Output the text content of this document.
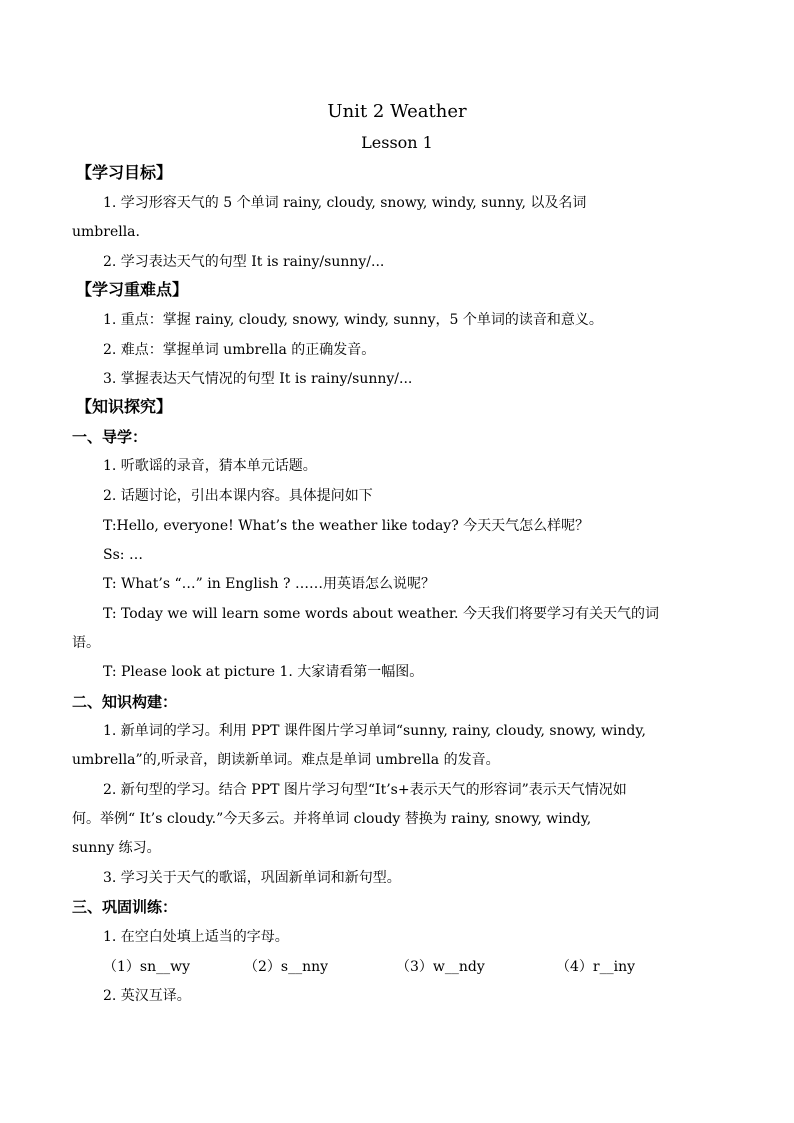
Unit 2 Weather

Lesson 1

【学习目标】

1. 学习形容天气的 5 个单词 rainy, cloudy, snowy, windy, sunny, 以及名词

umbrella.

2. 学习表达天气的句型 It is rainy/sunny/...

【学习重难点】

1. 重点：掌握 rainy, cloudy, snowy, windy, sunny，5 个单词的读音和意义。

2. 难点：掌握单词 umbrella 的正确发音。

3. 掌握表达天气情况的句型 It is rainy/sunny/...

【知识探究】

一、导学：

1. 听歌谣的录音，猜本单元话题。

2. 话题讨论，引出本课内容。具体提问如下

T:Hello, everyone! What’s the weather like today? 今天天气怎么样呢？

Ss: …

T: What’s “…” in English ? ……用英语怎么说呢？

T: Today we will learn some words about weather. 今天我们将要学习有关天气的词

语。

T: Please look at picture 1. 大家请看第一幅图。

二、知识构建：

1. 新单词的学习。利用 PPT 课件图片学习单词“sunny, rainy, cloudy, snowy, windy,

umbrella”的,听录音，朗读新单词。难点是单词 umbrella 的发音。

2. 新句型的学习。结合 PPT 图片学习句型“It’s+表示天气的形容词”表示天气情况如

何。举例“ It’s cloudy.”今天多云。并将单词 cloudy 替换为 rainy, snowy, windy,

sunny 练习。

3. 学习关于天气的歌谣，巩固新单词和新句型。

三、巩固训练：

1. 在空白处填上适当的字母。

（1）sn__wy	（2）s__nny	（3）w__ndy	（4）r__iny

2. 英汉互译。
